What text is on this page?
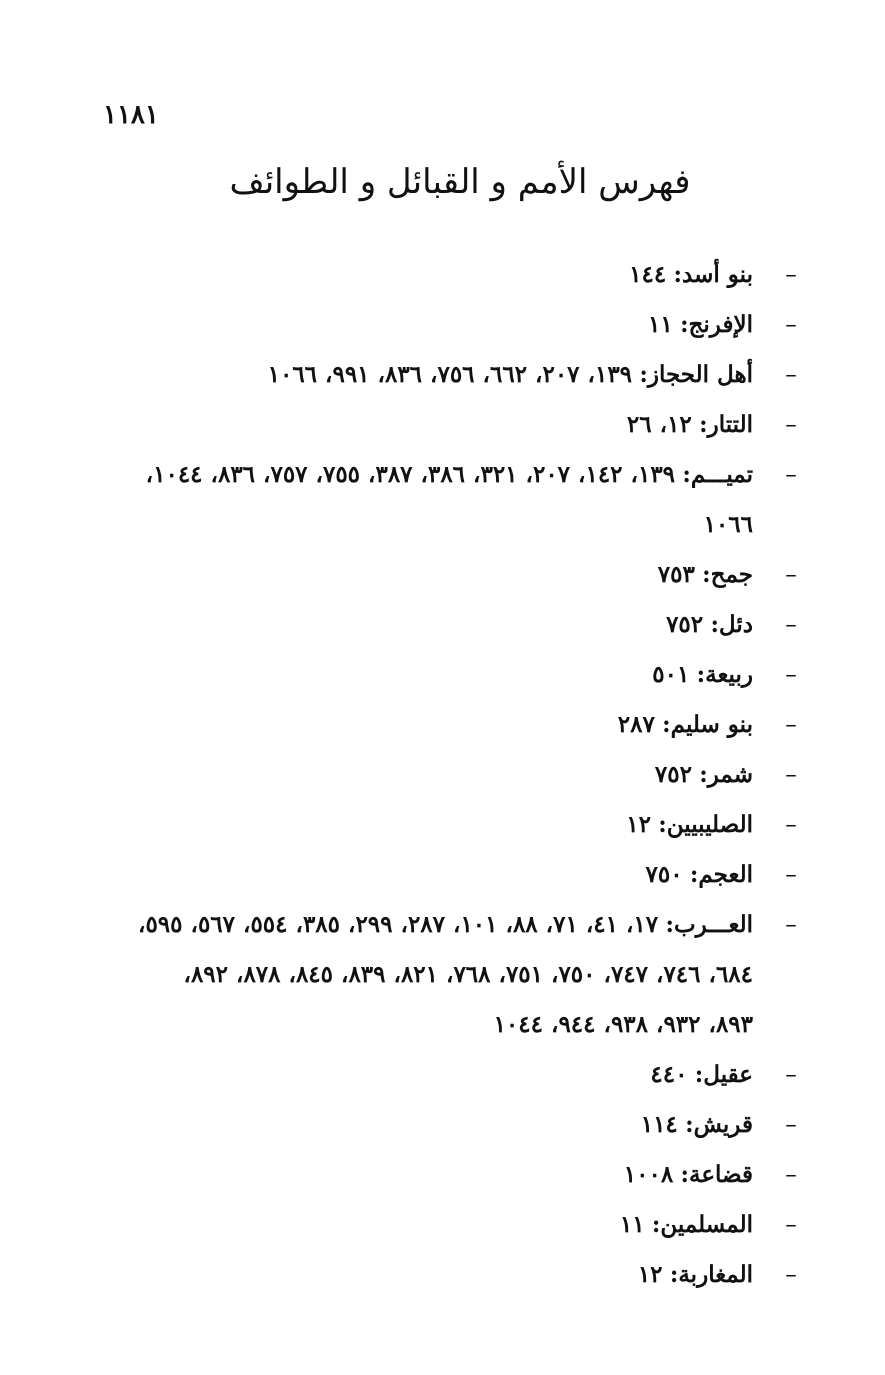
١١٨١
فهرس الأمم و القبائل و الطوائف
–
بنو أسد: ١٤٤
–
الإفرنج: ١١
–
أهل الحجاز: ١٣٩، ٢٠٧، ٦٦٢، ٧٥٦، ٨٣٦، ٩٩١، ١٠٦٦
–
التتار: ١٢، ٢٦
–
تميـــم: ١٣٩، ١٤٢، ٢٠٧، ٣٢١، ٣٨٦، ٣٨٧، ٧٥٥، ٧٥٧، ٨٣٦، ١٠٤٤،
١٠٦٦
–
جمح: ٧٥٣
–
دئل: ٧٥٢
–
ربيعة: ٥٠١
–
بنو سليم: ٢٨٧
–
شمر: ٧٥٢
–
الصليبيين: ١٢
–
العجم: ٧٥٠
–
العـــرب: ١٧، ٤١، ٧١، ٨٨، ١٠١، ٢٨٧، ٢٩٩، ٣٨٥، ٥٥٤، ٥٦٧، ٥٩٥،
٦٨٤، ٧٤٦، ٧٤٧، ٧٥٠، ٧٥١، ٧٦٨، ٨٢١، ٨٣٩، ٨٤٥، ٨٧٨، ٨٩٢،
٨٩٣، ٩٣٢، ٩٣٨، ٩٤٤، ١٠٤٤
–
عقيل: ٤٤٠
–
قريش: ١١٤
–
قضاعة: ١٠٠٨
–
المسلمين: ١١
–
المغاربة: ١٢
